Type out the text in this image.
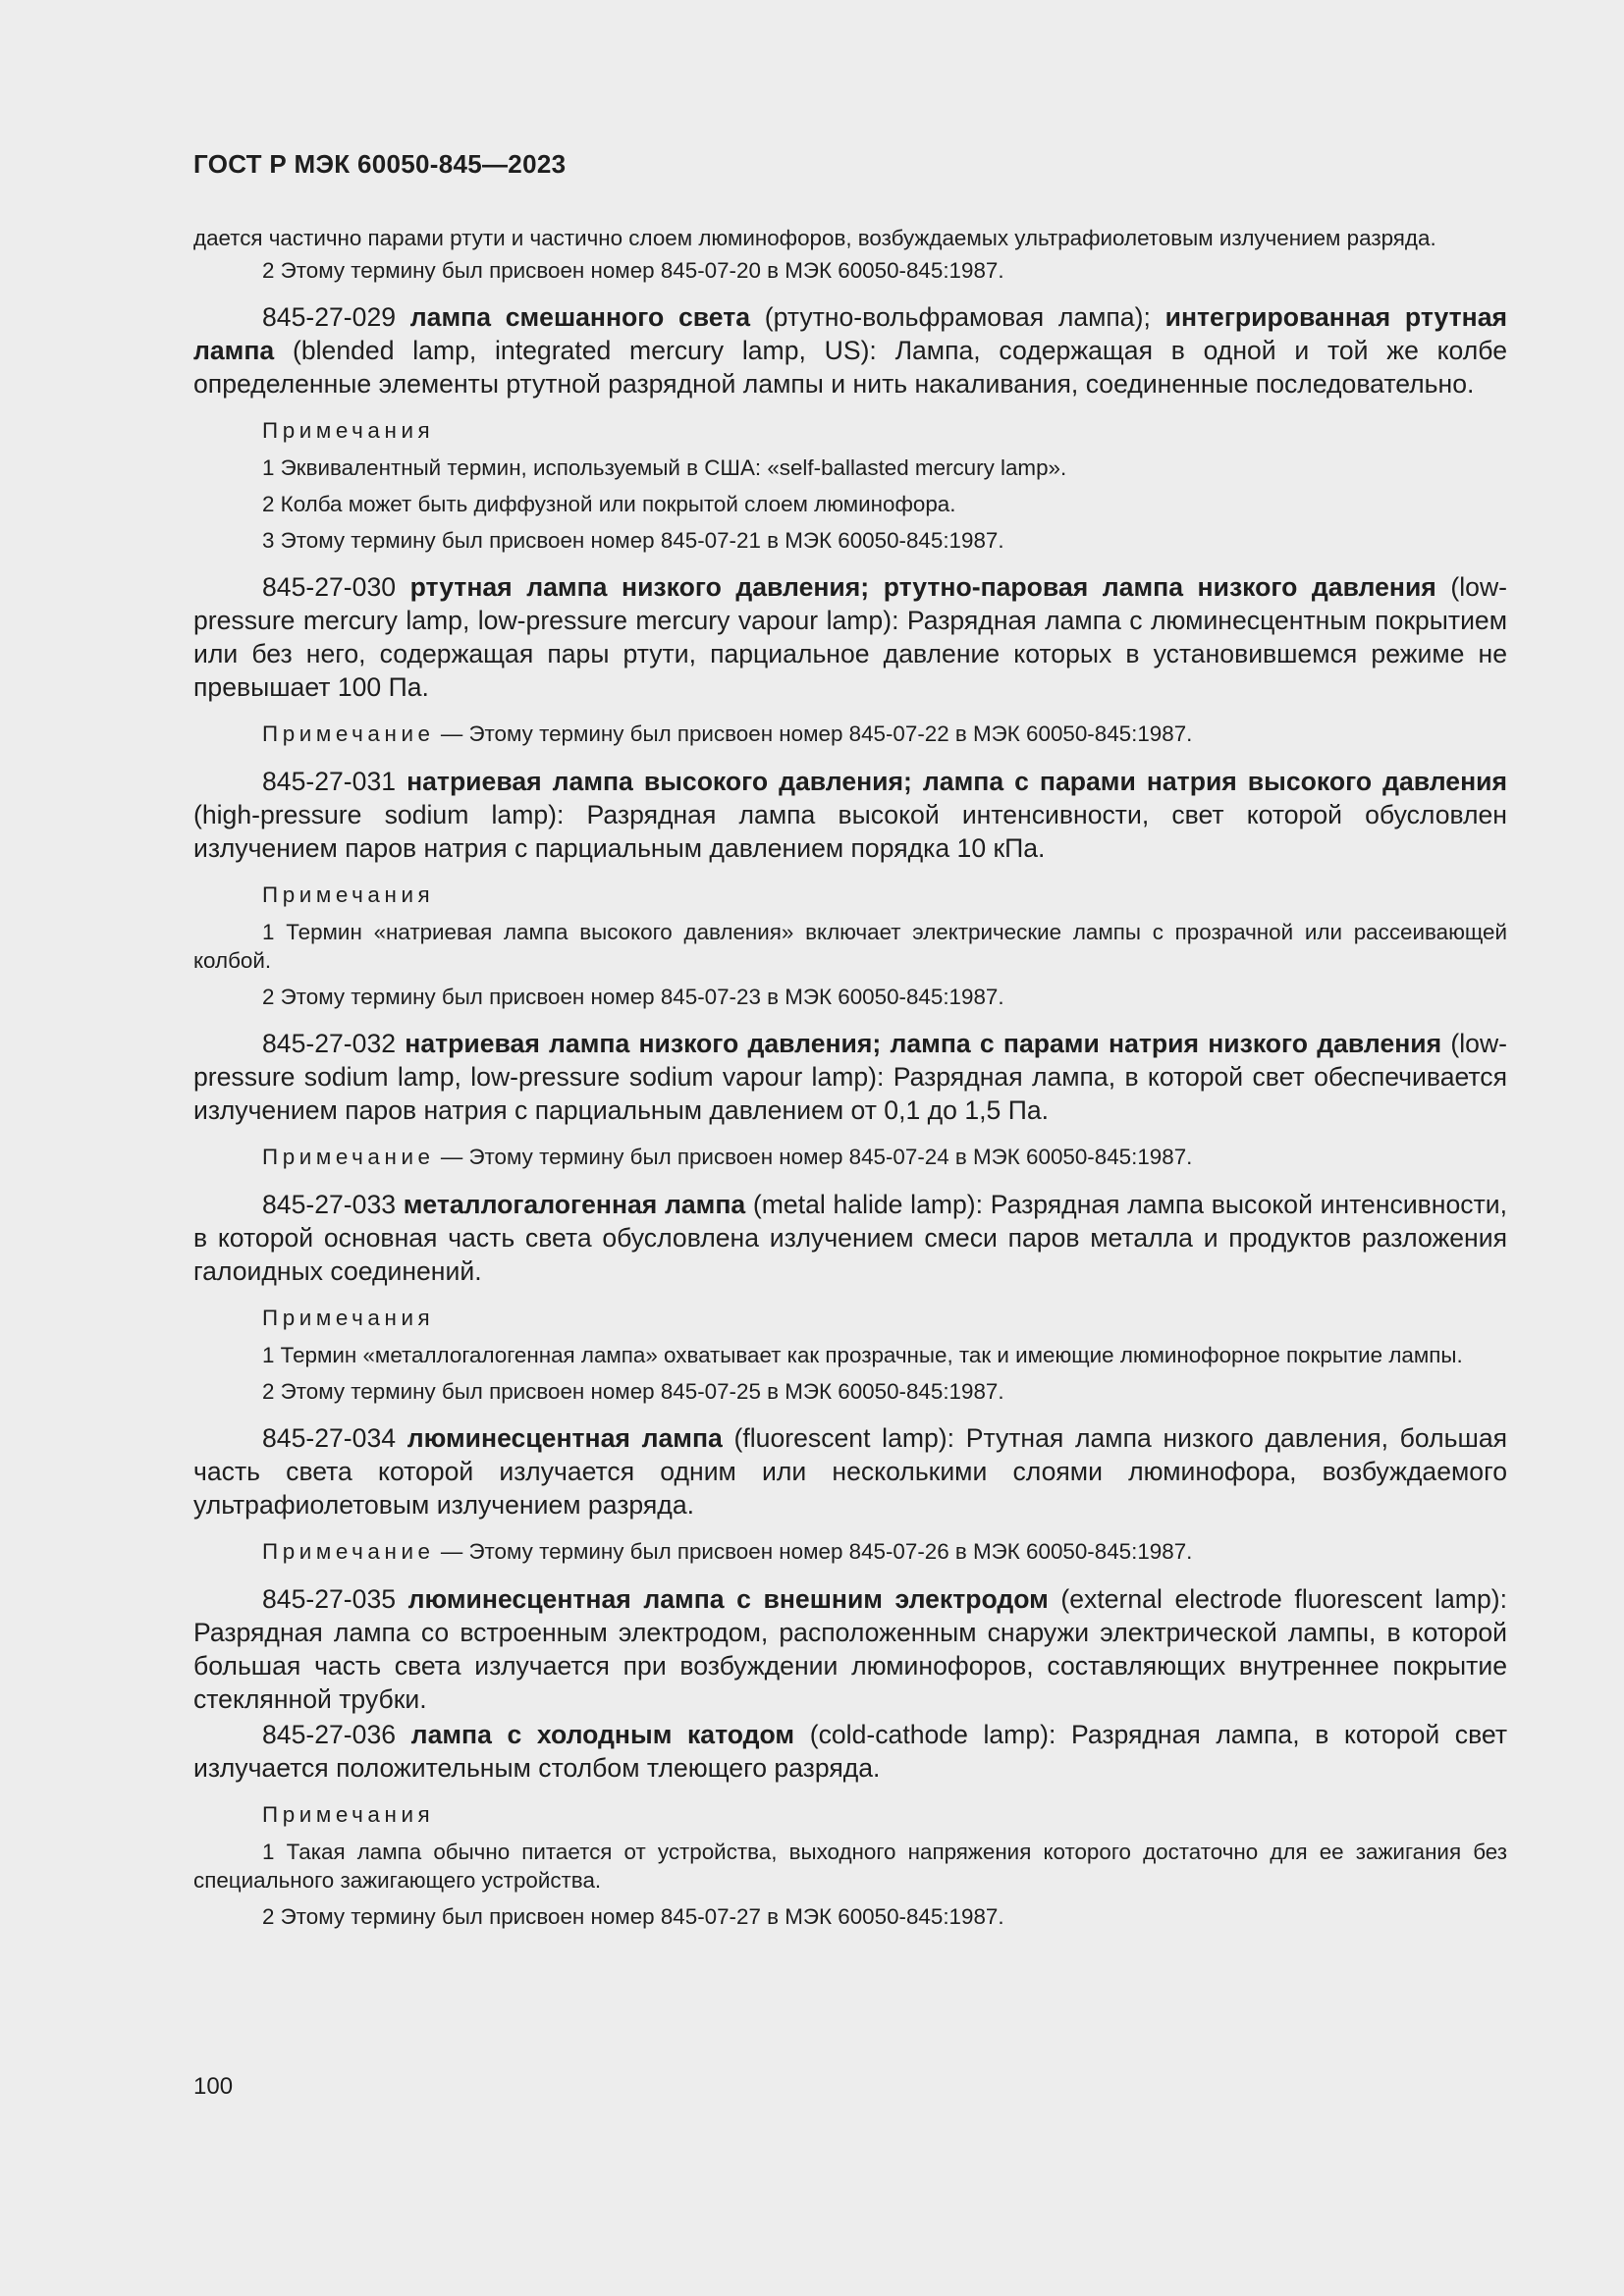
ГОСТ Р МЭК 60050-845—2023

дается частично парами ртути и частично слоем люминофоров, возбуждаемых ультрафиолетовым излучением разряда.

2 Этому термину был присвоен номер 845-07-20 в МЭК 60050-845:1987.

845-27-029 лампа смешанного света (ртутно-вольфрамовая лампа); интегрированная ртутная лампа (blended lamp, integrated mercury lamp, US): Лампа, содержащая в одной и той же колбе определенные элементы ртутной разрядной лампы и нить накаливания, соединенные последовательно.

Примечания

1 Эквивалентный термин, используемый в США: «self-ballasted mercury lamp».

2 Колба может быть диффузной или покрытой слоем люминофора.

3 Этому термину был присвоен номер 845-07-21 в МЭК 60050-845:1987.

845-27-030 ртутная лампа низкого давления; ртутно-паровая лампа низкого давления (low-pressure mercury lamp, low-pressure mercury vapour lamp): Разрядная лампа с люминесцентным покрытием или без него, содержащая пары ртути, парциальное давление которых в установившемся режиме не превышает 100 Па.

Примечание — Этому термину был присвоен номер 845-07-22 в МЭК 60050-845:1987.

845-27-031 натриевая лампа высокого давления; лампа с парами натрия высокого давления (high-pressure sodium lamp): Разрядная лампа высокой интенсивности, свет которой обусловлен излучением паров натрия с парциальным давлением порядка 10 кПа.

Примечания

1 Термин «натриевая лампа высокого давления» включает электрические лампы с прозрачной или рассеивающей колбой.

2 Этому термину был присвоен номер 845-07-23 в МЭК 60050-845:1987.

845-27-032 натриевая лампа низкого давления; лампа с парами натрия низкого давления (low-pressure sodium lamp, low-pressure sodium vapour lamp): Разрядная лампа, в которой свет обеспечивается излучением паров натрия с парциальным давлением от 0,1 до 1,5 Па.

Примечание — Этому термину был присвоен номер 845-07-24 в МЭК 60050-845:1987.

845-27-033 металлогалогенная лампа (metal halide lamp): Разрядная лампа высокой интенсивности, в которой основная часть света обусловлена излучением смеси паров металла и продуктов разложения галоидных соединений.

Примечания

1 Термин «металлогалогенная лампа» охватывает как прозрачные, так и имеющие люминофорное покрытие лампы.

2 Этому термину был присвоен номер 845-07-25 в МЭК 60050-845:1987.

845-27-034 люминесцентная лампа (fluorescent lamp): Ртутная лампа низкого давления, большая часть света которой излучается одним или несколькими слоями люминофора, возбуждаемого ультрафиолетовым излучением разряда.

Примечание — Этому термину был присвоен номер 845-07-26 в МЭК 60050-845:1987.

845-27-035 люминесцентная лампа с внешним электродом (external electrode fluorescent lamp): Разрядная лампа со встроенным электродом, расположенным снаружи электрической лампы, в которой большая часть света излучается при возбуждении люминофоров, составляющих внутреннее покрытие стеклянной трубки.

845-27-036 лампа с холодным катодом (cold-cathode lamp): Разрядная лампа, в которой свет излучается положительным столбом тлеющего разряда.

Примечания

1 Такая лампа обычно питается от устройства, выходного напряжения которого достаточно для ее зажигания без специального зажигающего устройства.

2 Этому термину был присвоен номер 845-07-27 в МЭК 60050-845:1987.

100
